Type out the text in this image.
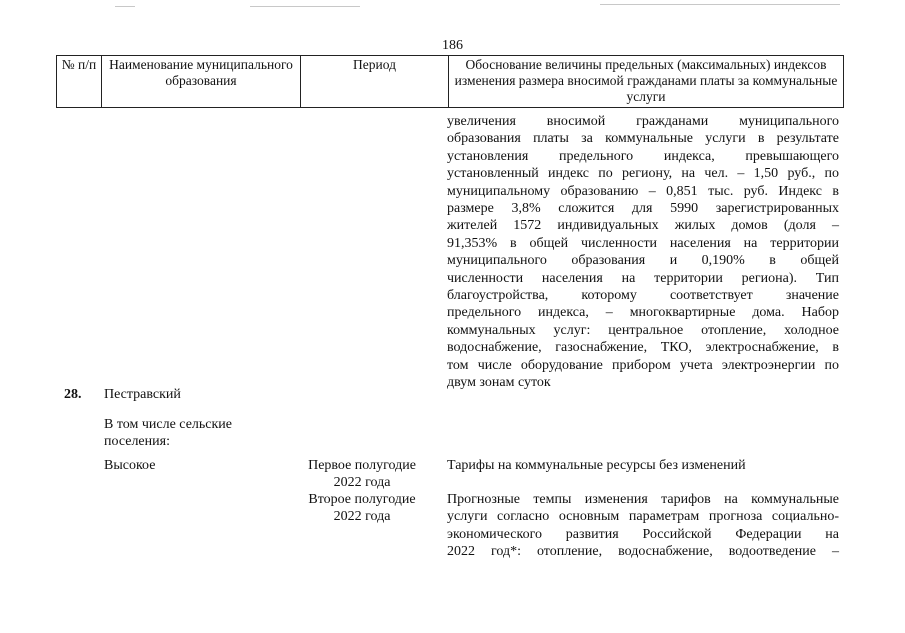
186
№ п/п Наименование муниципального образования
Период	Обоснование величины предельных (максимальных) индексов изменения размера вносимой гражданами платы за коммунальные услуги
увеличения вносимой гражданами муниципального
образования платы за коммунальные услуги в результате
установления предельного индекса, превышающего
установленный индекс по региону, на чел. – 1,50 руб., по
муниципальному образованию – 0,851 тыс. руб. Индекс в
размере 3,8% сложится для 5990 зарегистрированных
жителей 1572 индивидуальных жилых домов (доля –
91,353% в общей численности населения на территории
муниципального образования и 0,190% в общей
численности населения на территории региона). Тип
благоустройства, которому соответствует значение
предельного индекса, – многоквартирные дома. Набор
коммунальных услуг: центральное отопление, холодное
водоснабжение, газоснабжение, ТКО, электроснабжение, в
том числе оборудование прибором учета электроэнергии по
двум зонам суток
28. Пестравский
В том числе сельские поселения:
Высокое	Первое полугодие 2022 года
Тарифы на коммунальные ресурсы без изменений
Второе полугодие 2022 года
Прогнозные темпы изменения тарифов на коммунальные
услуги согласно основным параметрам прогноза социально-
экономического развития Российской Федерации на
2022 год*: отопление, водоснабжение, водоотведение –
